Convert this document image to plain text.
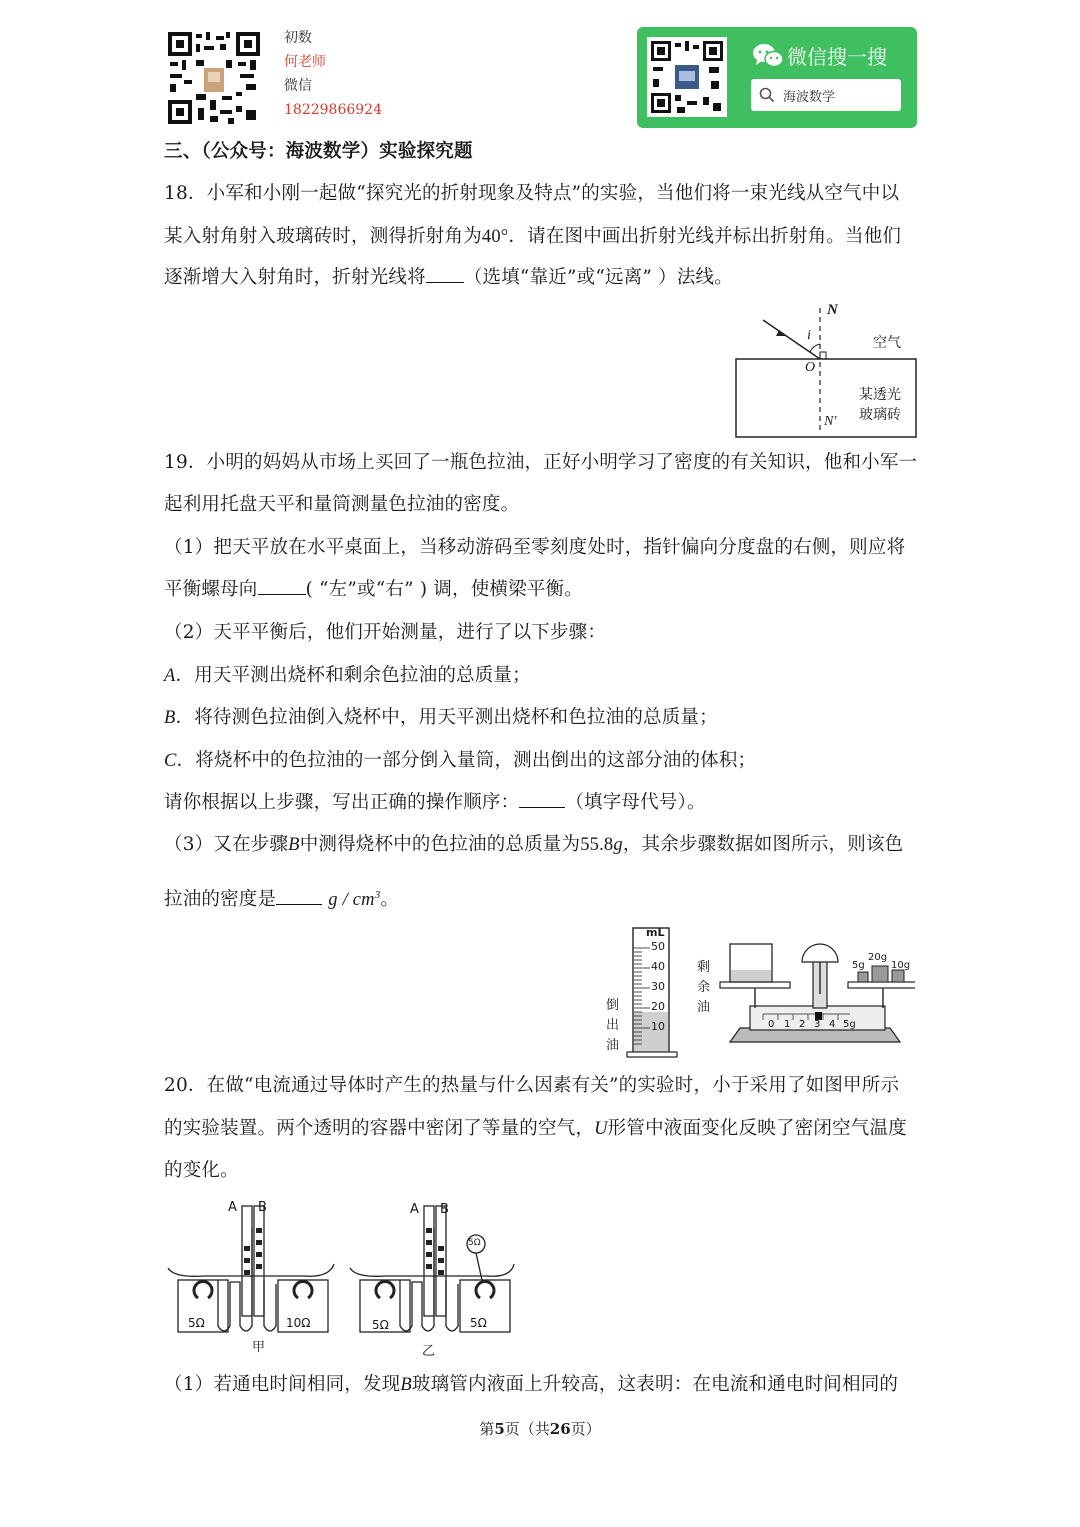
初数
何老师
微信
18229866924
微信搜一搜
海波数学
三、（公众号：海波数学）实验探究题
18．小军和小刚一起做“探究光的折射现象及特点”的实验，当他们将一束光线从空气中以
某入射角射入玻璃砖时，测得折射角为40°．请在图中画出折射光线并标出折射角。当他们
逐渐增大入射角时，折射光线将 （选填“靠近”或“远离” ）法线。
N
i
O
N'
空气
某透光
玻璃砖
19．小明的妈妈从市场上买回了一瓶色拉油，正好小明学习了密度的有关知识，他和小军一
起利用托盘天平和量筒测量色拉油的密度。
（1）把天平放在水平桌面上，当移动游码至零刻度处时，指针偏向分度盘的右侧，则应将
平衡螺母向	( “左”或“右” ) 调，使横梁平衡。
（2）天平平衡后，他们开始测量，进行了以下步骤：
A．用天平测出烧杯和剩余色拉油的总质量；
B．将待测色拉油倒入烧杯中，用天平测出烧杯和色拉油的总质量；
C．将烧杯中的色拉油的一部分倒入量筒，测出倒出的这部分油的体积；
请你根据以上步骤，写出正确的操作顺序： （填字母代号）。
（3）又在步骤B中测得烧杯中的色拉油的总质量为55.8g，其余步骤数据如图所示，则该色
拉油的密度是	g / $cm^3$。
mL
50
40
30
20
10
倒
出
油
剩
余
油
0 1 2 3 4 5g
5g
20g
10g
20．在做“电流通过导体时产生的热量与什么因素有关”的实验时，小于采用了如图甲所示
的实验装置。两个透明的容器中密闭了等量的空气，U形管中液面变化反映了密闭空气温度
的变化。
A B	A B
5Ω	10Ω	5Ω	5Ω
5Ω
甲	乙
（1）若通电时间相同，发现B玻璃管内液面上升较高，这表明：在电流和通电时间相同的
第5页（共26页）
